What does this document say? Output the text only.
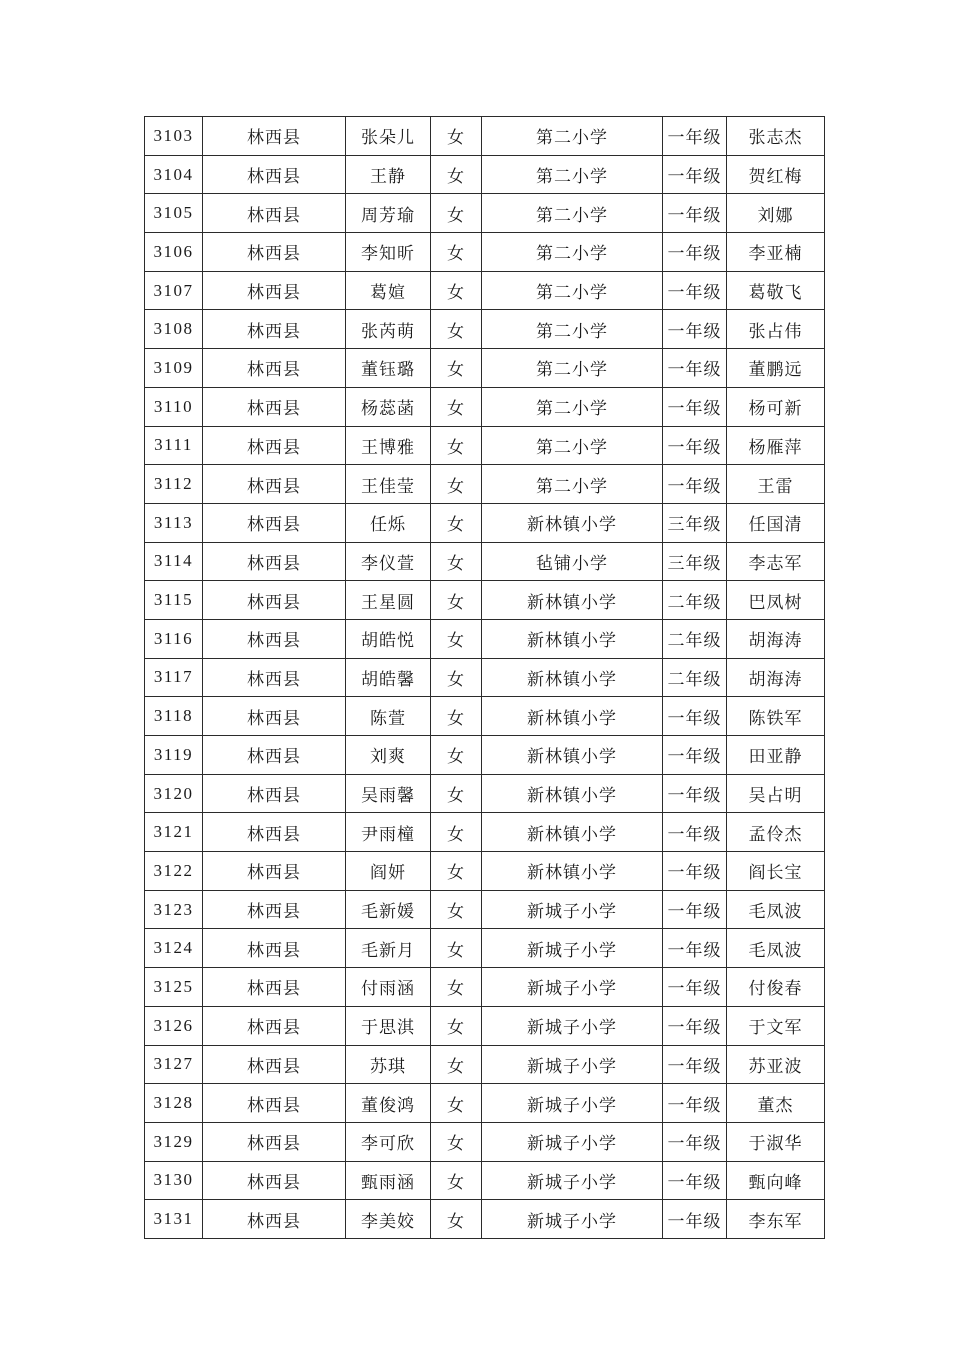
3103	林西县	张朵儿	女	第二小学	一年级	张志杰
3104	林西县	王静	女	第二小学	一年级	贺红梅
3105	林西县	周芳瑜	女	第二小学	一年级	刘娜
3106	林西县	李知昕	女	第二小学	一年级	李亚楠
3107	林西县	葛媗	女	第二小学	一年级	葛敬飞
3108	林西县	张芮萌	女	第二小学	一年级	张占伟
3109	林西县	董钰璐	女	第二小学	一年级	董鹏远
3110	林西县	杨蕊菡	女	第二小学	一年级	杨可新
3111	林西县	王博雅	女	第二小学	一年级	杨雁萍
3112	林西县	王佳莹	女	第二小学	一年级	王雷
3113	林西县	任烁	女	新林镇小学	三年级	任国清
3114	林西县	李仪萱	女	毡铺小学	三年级	李志军
3115	林西县	王星圆	女	新林镇小学	二年级	巴凤树
3116	林西县	胡皓悦	女	新林镇小学	二年级	胡海涛
3117	林西县	胡皓馨	女	新林镇小学	二年级	胡海涛
3118	林西县	陈萱	女	新林镇小学	一年级	陈铁军
3119	林西县	刘爽	女	新林镇小学	一年级	田亚静
3120	林西县	吴雨馨	女	新林镇小学	一年级	吴占明
3121	林西县	尹雨橦	女	新林镇小学	一年级	孟伶杰
3122	林西县	阎妍	女	新林镇小学	一年级	阎长宝
3123	林西县	毛新媛	女	新城子小学	一年级	毛凤波
3124	林西县	毛新月	女	新城子小学	一年级	毛凤波
3125	林西县	付雨涵	女	新城子小学	一年级	付俊春
3126	林西县	于思淇	女	新城子小学	一年级	于文军
3127	林西县	苏琪	女	新城子小学	一年级	苏亚波
3128	林西县	董俊鸿	女	新城子小学	一年级	董杰
3129	林西县	李可欣	女	新城子小学	一年级	于淑华
3130	林西县	甄雨涵	女	新城子小学	一年级	甄向峰
3131	林西县	李美姣	女	新城子小学	一年级	李东军
